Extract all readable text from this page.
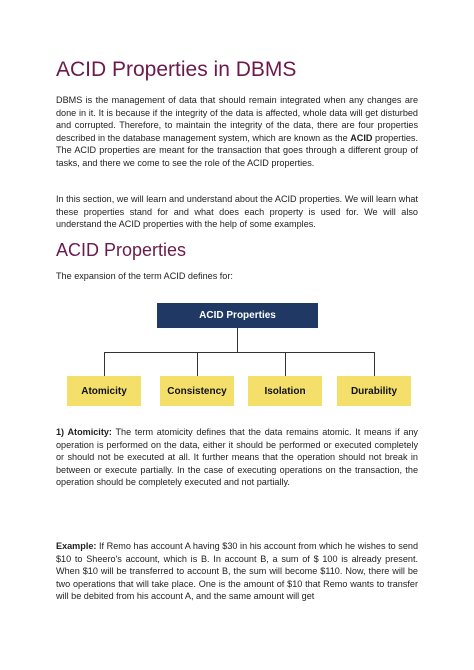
ACID Properties in DBMS

DBMS is the management of data that should remain integrated when any changes are done in it. It is because if the integrity of the data is affected, whole data will get disturbed and corrupted. Therefore, to maintain the integrity of the data, there are four properties described in the database management system, which are known as the ACID properties. The ACID properties are meant for the transaction that goes through a different group of tasks, and there we come to see the role of the ACID properties.

In this section, we will learn and understand about the ACID properties. We will learn what these properties stand for and what does each property is used for. We will also understand the ACID properties with the help of some examples.

ACID Properties

The expansion of the term ACID defines for:

ACID Properties
Atomicity	Consistency	Isolation	Durability

1) Atomicity: The term atomicity defines that the data remains atomic. It means if any operation is performed on the data, either it should be performed or executed completely or should not be executed at all. It further means that the operation should not break in between or execute partially. In the case of executing operations on the transaction, the operation should be completely executed and not partially.

Example: If Remo has account A having $30 in his account from which he wishes to send $10 to Sheero's account, which is B. In account B, a sum of $ 100 is already present. When $10 will be transferred to account B, the sum will become $110. Now, there will be two operations that will take place. One is the amount of $10 that Remo wants to transfer will be debited from his account A, and the same amount will get
